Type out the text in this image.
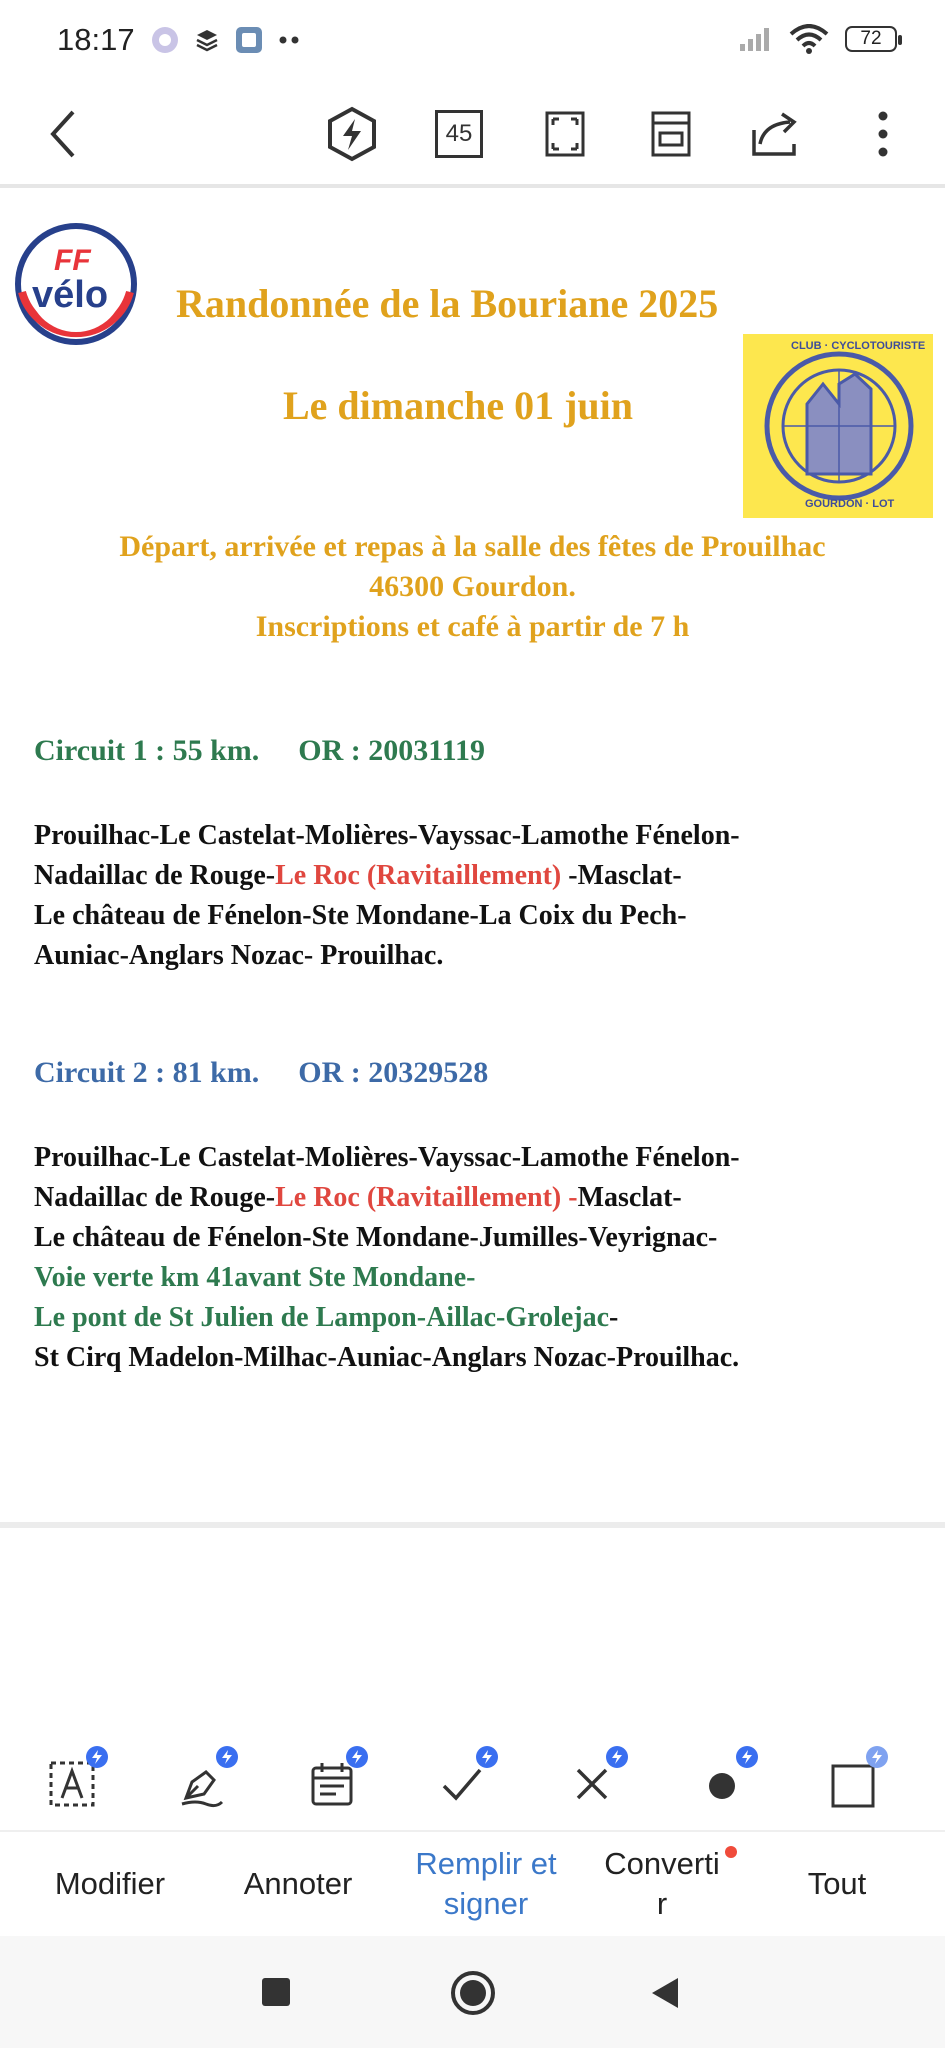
18:17	72
45
FF
vélo Randonnée de la Bouriane 2025
Le dimanche 01 juin
CLUB · CYCLOTOURISTE
GOURDON · LOT
Départ, arrivée et repas à la salle des fêtes de Prouilhac
46300 Gourdon.
Inscriptions et café à partir de 7 h
Circuit 1 : 55 km. OR : 20031119
Prouilhac-Le Castelat-Molières-Vayssac-Lamothe Fénelon-
Nadaillac de Rouge-Le Roc (Ravitaillement) -Masclat-
Le château de Fénelon-Ste Mondane-La Coix du Pech-
Auniac-Anglars Nozac- Prouilhac.
Circuit 2 : 81 km. OR : 20329528
Prouilhac-Le Castelat-Molières-Vayssac-Lamothe Fénelon-
Nadaillac de Rouge-Le Roc (Ravitaillement) -Masclat-
Le château de Fénelon-Ste Mondane-Jumilles-Veyrignac-
Voie verte km 41avant Ste Mondane-
Le pont de St Julien de Lampon-Aillac-Grolejac-
St Cirq Madelon-Milhac-Auniac-Anglars Nozac-Prouilhac.
Modifier	Annoter
Remplir et
signer
Converti
r
Tout
